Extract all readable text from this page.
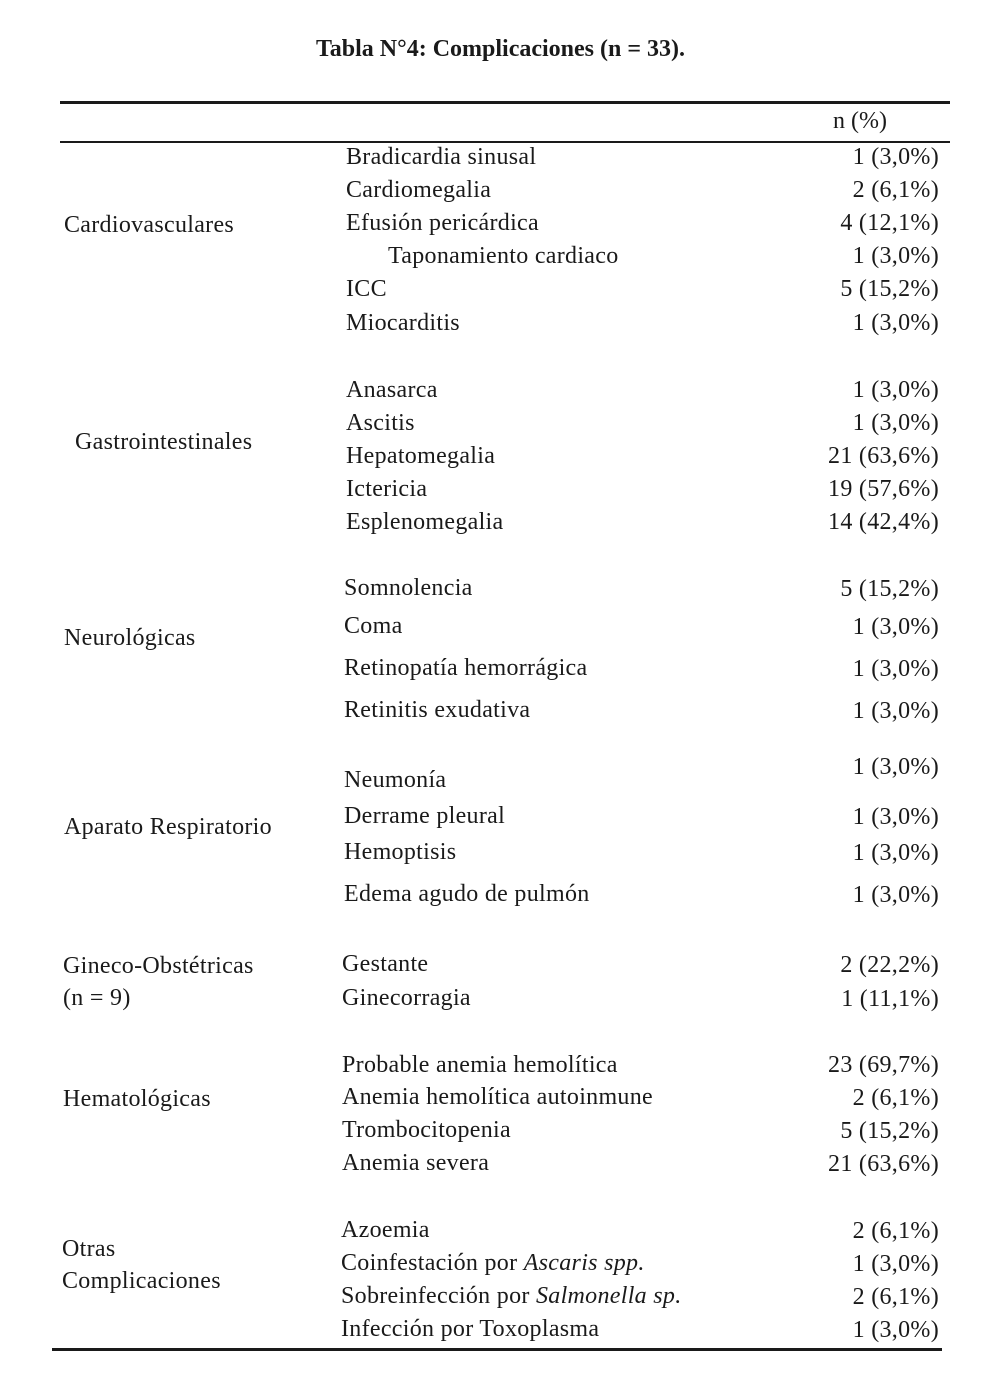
Tabla N°4: Complicaciones (n = 33).
n (%)
Cardiovasculares
Bradicardia sinusal	1 (3,0%)
Cardiomegalia	2 (6,1%)
Efusión pericárdica	4 (12,1%)
Taponamiento cardiaco	1 (3,0%)
ICC	5 (15,2%)
Miocarditis	1 (3,0%)
Gastrointestinales
Anasarca	1 (3,0%)
Ascitis	1 (3,0%)
Hepatomegalia	21 (63,6%)
Ictericia	19 (57,6%)
Esplenomegalia	14 (42,4%)
Neurológicas
Somnolencia	5 (15,2%)
Coma	1 (3,0%)
Retinopatía hemorrágica	1 (3,0%)
Retinitis exudativa	1 (3,0%)
Aparato Respiratorio
Neumonía	1 (3,0%)
Derrame pleural	1 (3,0%)
Hemoptisis	1 (3,0%)
Edema agudo de pulmón	1 (3,0%)
Gineco-Obstétricas
(n = 9)
Gestante	2 (22,2%)
Ginecorragia	1 (11,1%)
Hematológicas
Probable anemia hemolítica	23 (69,7%)
Anemia hemolítica autoinmune	2 (6,1%)
Trombocitopenia	5 (15,2%)
Anemia severa	21 (63,6%)
Otras
Complicaciones
Azoemia	2 (6,1%)
Coinfestación por Ascaris spp.	1 (3,0%)
Sobreinfección por Salmonella sp.	2 (6,1%)
Infección por Toxoplasma	1 (3,0%)
